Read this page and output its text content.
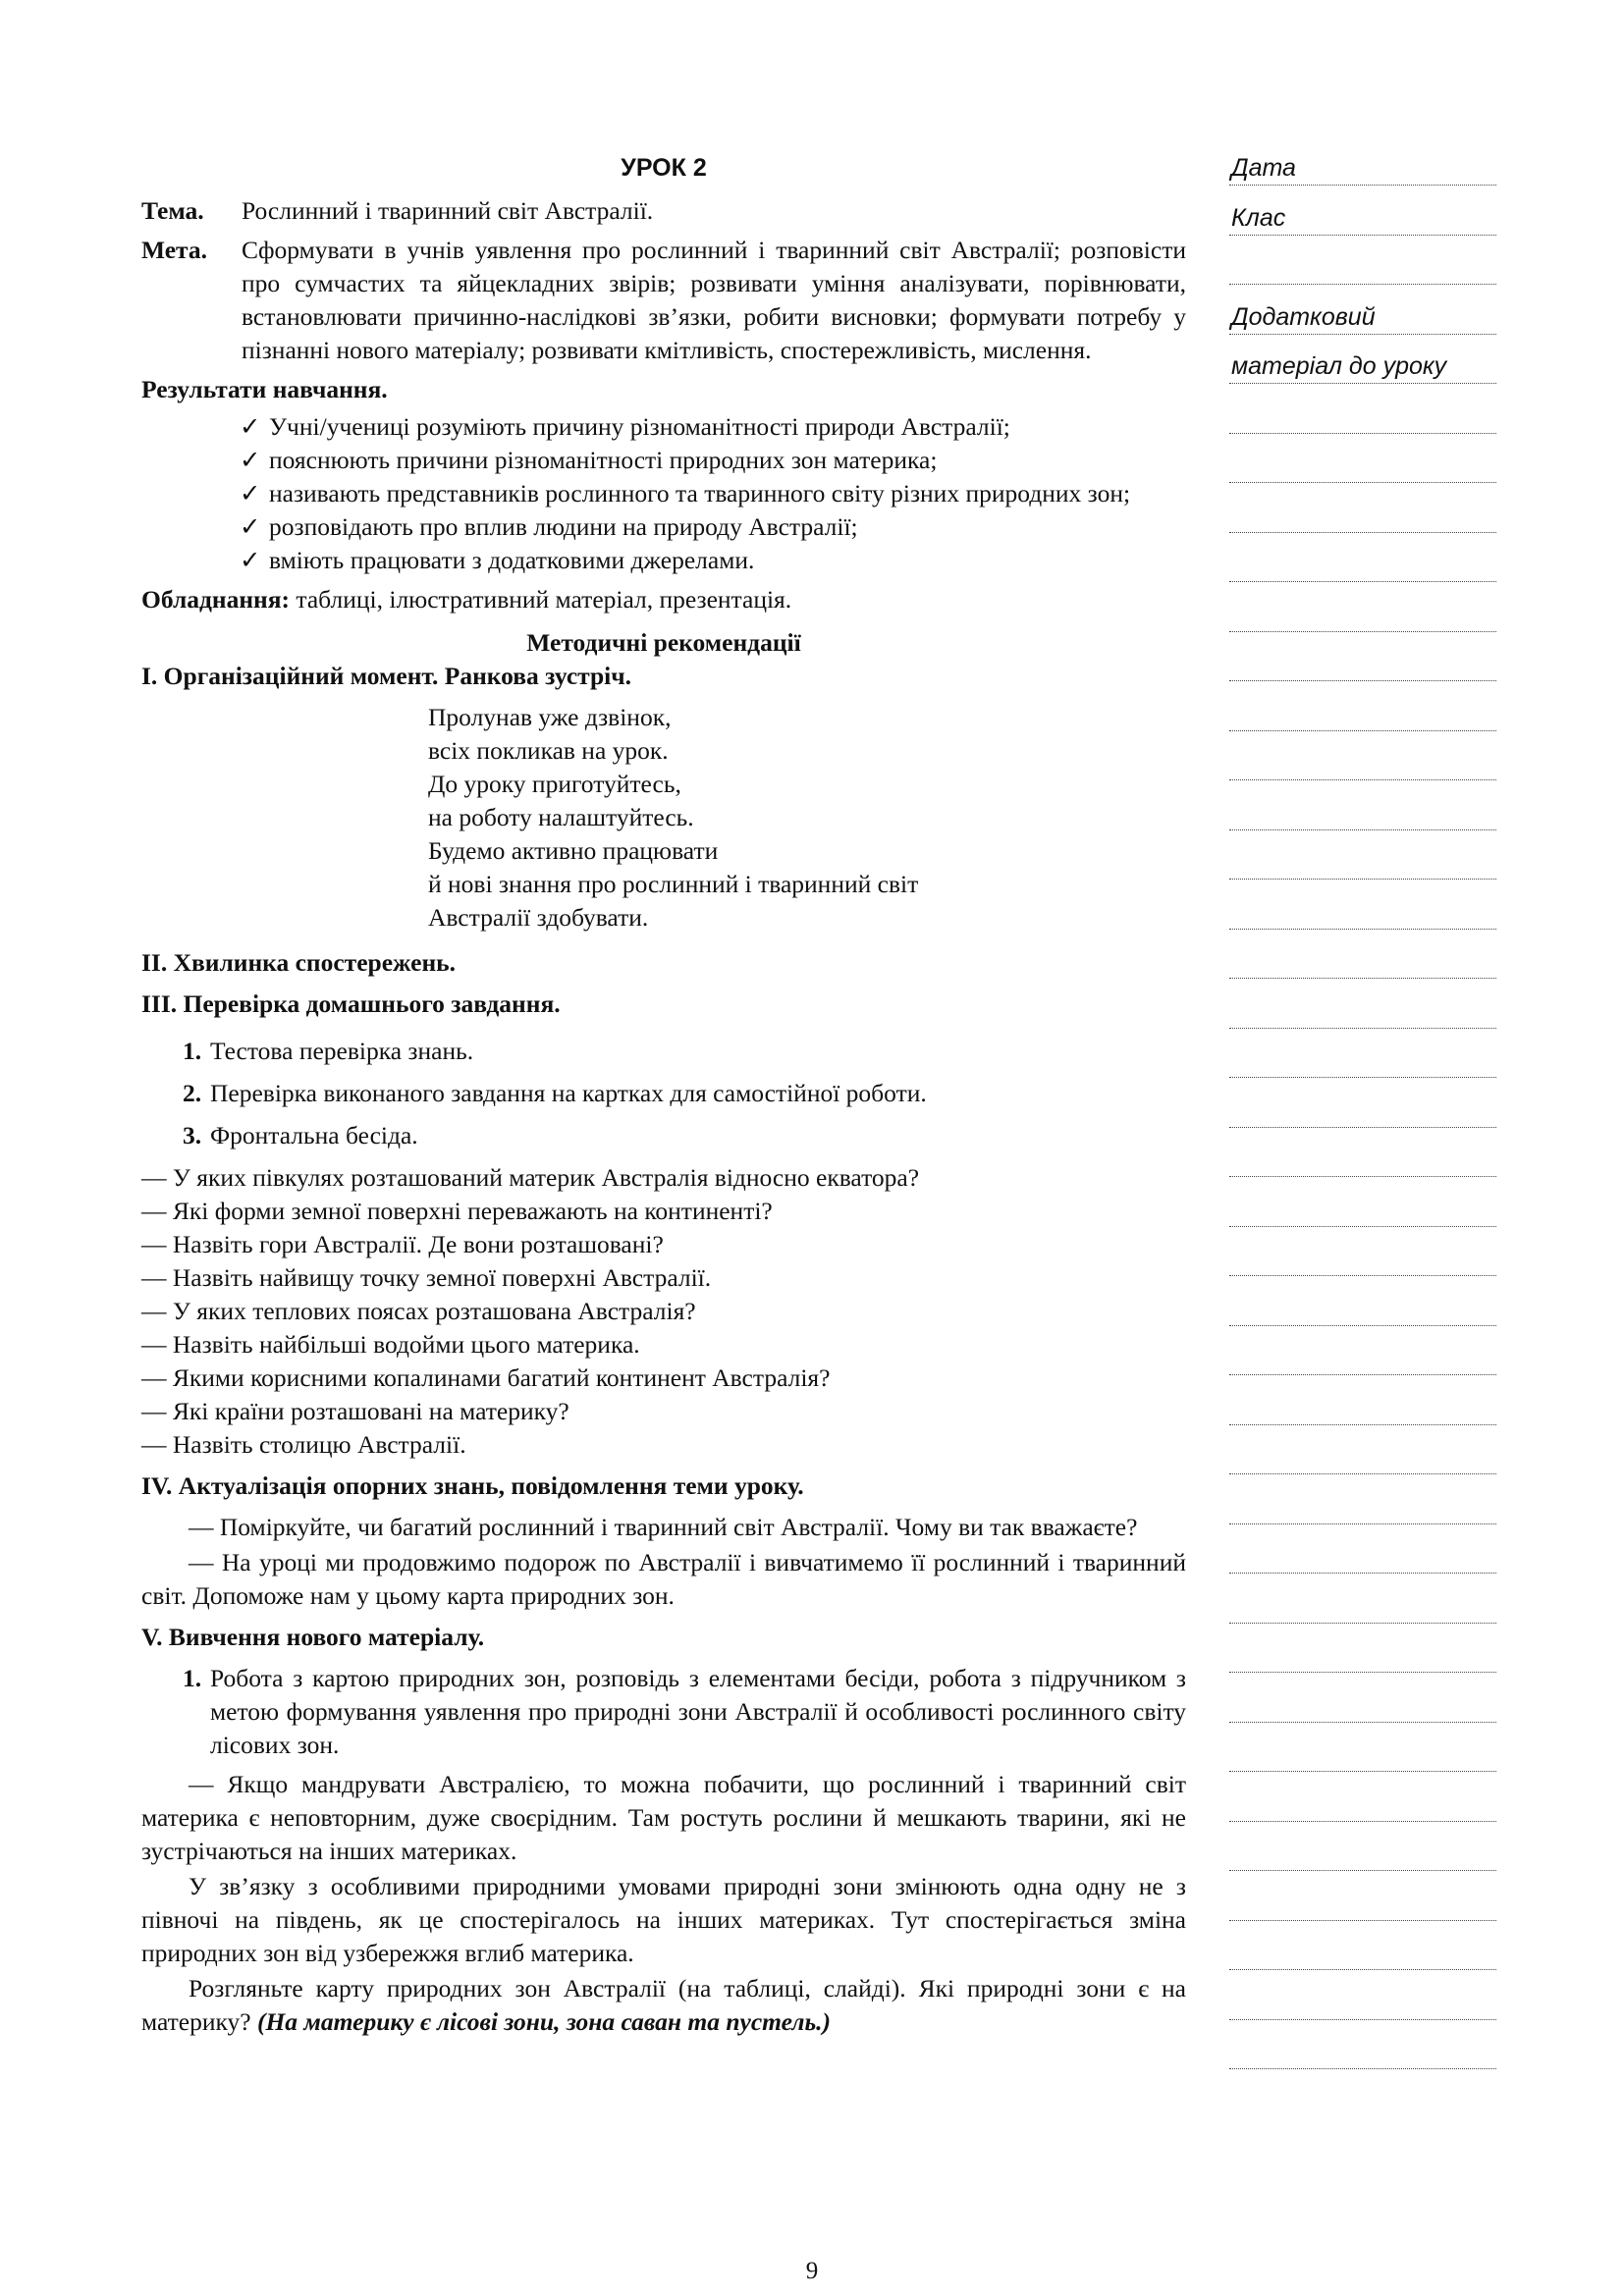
УРОК 2
Тема.	Рослинний і тваринний світ Австралії.
Мета.	Сформувати в учнів уявлення про рослинний і тваринний світ Австралії; розповісти про сумчастих та яйцекладних звірів; розвивати уміння аналізувати, порівнювати, встановлювати причинно-наслідкові зв’язки, робити висновки; формувати потребу у пізнанні нового матеріалу; розвивати кмітливість, спостережливість, мислення.
Результати навчання.
✓ Учні/учениці розуміють причину різноманітності природи Австралії;
✓ пояснюють причини різноманітності природних зон материка;
✓ називають представників рослинного та тваринного світу різних природних зон;
✓ розповідають про вплив людини на природу Австралії;
✓ вміють працювати з додатковими джерелами.
Обладнання: таблиці, ілюстративний матеріал, презентація.
Методичні рекомендації
І. Організаційний момент. Ранкова зустріч.
Пролунав уже дзвінок,
всіх покликав на урок.
До уроку приготуйтесь,
на роботу налаштуйтесь.
Будемо активно працювати
й нові знання про рослинний і тваринний світ
Австралії здобувати.
ІІ. Хвилинка спостережень.
ІІІ. Перевірка домашнього завдання.
1. Тестова перевірка знань.
2. Перевірка виконаного завдання на картках для самостійної роботи.
3. Фронтальна бесіда.
— У яких півкулях розташований материк Австралія відносно екватора?
— Які форми земної поверхні переважають на континенті?
— Назвіть гори Австралії. Де вони розташовані?
— Назвіть найвищу точку земної поверхні Австралії.
— У яких теплових поясах розташована Австралія?
— Назвіть найбільші водойми цього материка.
— Якими корисними копалинами багатий континент Австралія?
— Які країни розташовані на материку?
— Назвіть столицю Австралії.
ІV. Актуалізація опорних знань, повідомлення теми уроку.
— Поміркуйте, чи багатий рослинний і тваринний світ Австралії. Чому ви так вважаєте?
— На уроці ми продовжимо подорож по Австралії і вивчатимемо її рослинний і тваринний світ. Допоможе нам у цьому карта природних зон.
V. Вивчення нового матеріалу.
1. Робота з картою природних зон, розповідь з елементами бесіди, робота з підручником з метою формування уявлення про природні зони Австралії й особливості рослинного світу лісових зон.
— Якщо мандрувати Австралією, то можна побачити, що рослинний і тваринний світ материка є неповторним, дуже своєрідним. Там ростуть рослини й мешкають тварини, які не зустрічаються на інших материках.
У зв’язку з особливими природними умовами природні зони змінюють одна одну не з півночі на південь, як це спостерігалось на інших материках. Тут спостерігається зміна природних зон від узбережжя вглиб материка.
Розгляньте карту природних зон Австралії (на таблиці, слайді). Які природні зони є на материку? (На материку є лісові зони, зона саван та пустель.)
Дата
Клас
Додатковий
матеріал до уроку
9
